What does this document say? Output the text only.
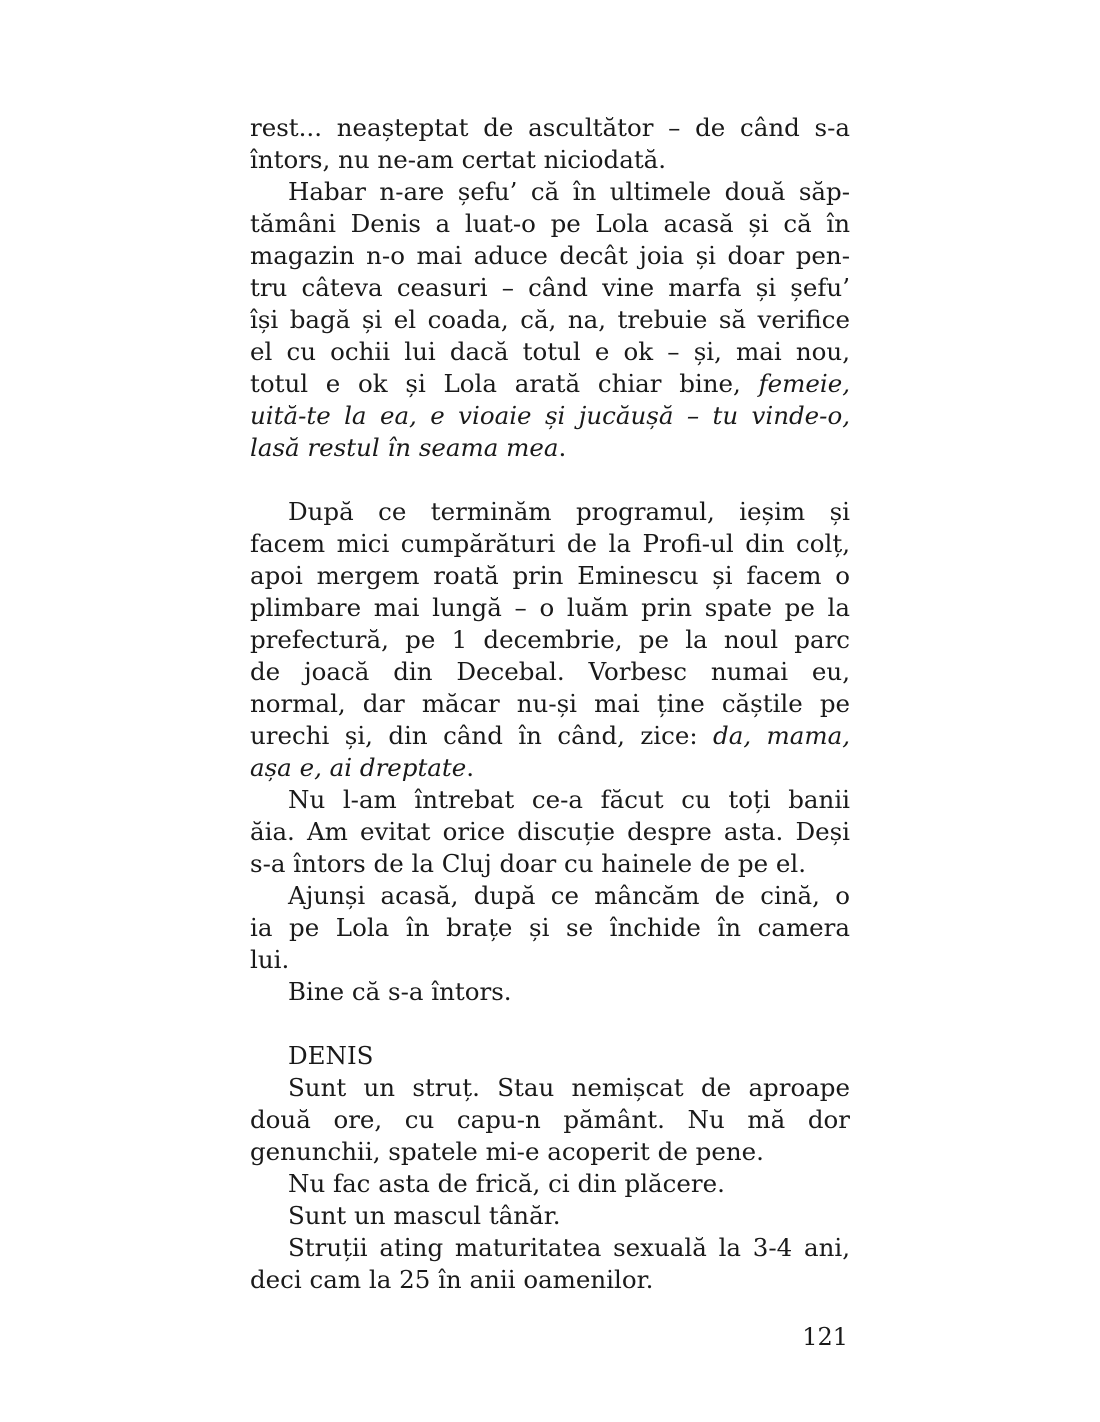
rest... neașteptat de ascultător – de când s-a
întors, nu ne-am certat niciodată.
Habar n-are șefu’ că în ultimele două săp-
tămâni Denis a luat-o pe Lola acasă și că în
magazin n-o mai aduce decât joia și doar pen-
tru câteva ceasuri – când vine marfa și șefu’
își bagă și el coada, că, na, trebuie să verifice
el cu ochii lui dacă totul e ok – și, mai nou,
totul e ok și Lola arată chiar bine, femeie,
uită-te la ea, e vioaie și jucăușă – tu vinde-o,
lasă restul în seama mea.
După ce terminăm programul, ieșim și
facem mici cumpărături de la Profi-ul din colț,
apoi mergem roată prin Eminescu și facem o
plimbare mai lungă – o luăm prin spate pe la
prefectură, pe 1 decembrie, pe la noul parc
de joacă din Decebal. Vorbesc numai eu,
normal, dar măcar nu-și mai ține căștile pe
urechi și, din când în când, zice: da, mama,
așa e, ai dreptate.
Nu l-am întrebat ce-a făcut cu toți banii
ăia. Am evitat orice discuție despre asta. Deși
s-a întors de la Cluj doar cu hainele de pe el.
Ajunși acasă, după ce mâncăm de cină, o
ia pe Lola în brațe și se închide în camera
lui.
Bine că s-a întors.
DENIS
Sunt un struț. Stau nemișcat de aproape
două ore, cu capu-n pământ. Nu mă dor
genunchii, spatele mi-e acoperit de pene.
Nu fac asta de frică, ci din plăcere.
Sunt un mascul tânăr.
Struții ating maturitatea sexuală la 3-4 ani,
deci cam la 25 în anii oamenilor.
121
